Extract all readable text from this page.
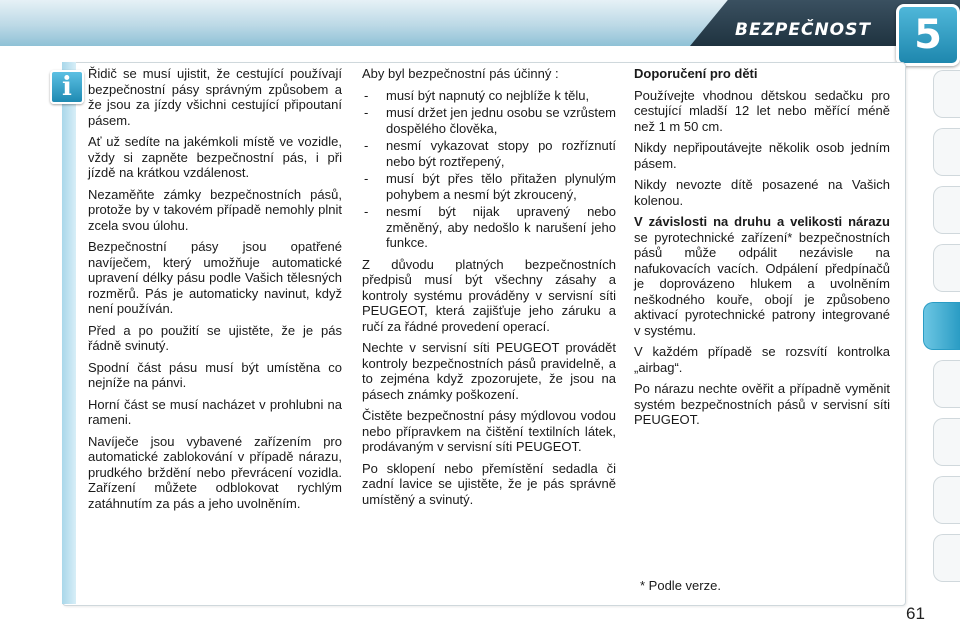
BEZPEČNOST	5
i	Řidič se musí ujistit, že cestující používají bezpečnostní pásy správným způsobem a že jsou za jízdy všichni cestující připoutaní pásem.

Ať už sedíte na jakémkoli místě ve vozidle, vždy si zapněte bezpečnostní pás, i při jízdě na krátkou vzdálenost.

Nezaměňte zámky bezpečnostních pásů, protože by v takovém případě nemohly plnit zcela svou úlohu.

Bezpečnostní pásy jsou opatřené navíječem, který umožňuje automatické upravení délky pásu podle Vašich tělesných rozměrů. Pás je automaticky navinut, když není používán.

Před a po použití se ujistěte, že je pás řádně svinutý.

Spodní část pásu musí být umístěna co nejníže na pánvi.

Horní část se musí nacházet v prohlubni na rameni.

Navíječe jsou vybavené zařízením pro automatické zablokování v případě nárazu, prudkého brždění nebo převrácení vozidla. Zařízení můžete odblokovat rychlým zatáhnutím za pás a jeho uvolněním.

Aby byl bezpečnostní pás účinný :

- musí být napnutý co nejblíže k tělu,
- musí držet jen jednu osobu se vzrůstem dospělého člověka,
- nesmí vykazovat stopy po rozřízn​utí nebo být roztřepený,
- musí být přes tělo přitažen plynulým pohybem a nesmí být zkroucený,
- nesmí být nijak upravený nebo změněný, aby nedošlo k narušení jeho funkce.

Z důvodu platných bezpečnostních předpisů musí být všechny zásahy a kontroly systému prováděny v servisní síti PEUGEOT, která zajišťuje jeho záruku a ručí za řádné provedení operací.

Nechte v servisní síti PEUGEOT provádět kontroly bezpečnostních pásů pravidelně, a to zejména když zpozorujete, že jsou na pásech známky poškození.

Čistěte bezpečnostní pásy mýdlovou vodou nebo přípravkem na čištění textilních látek, prodávaným v servisní síti PEUGEOT.

Po sklopení nebo přemístění sedadla či zadní lavice se ujistěte, že je pás správně umístěný a svinutý.

Doporučení pro děti

Používejte vhodnou dětskou sedačku pro cestující mladší 12 let nebo měřící méně než 1 m 50 cm.

Nikdy nepřipoutávejte několik osob jedním pásem.

Nikdy nevozte dítě posazené na Vašich kolenou.

V závislosti na druhu a velikosti nárazu se pyrotechnické zařízení* bezpečnostních pásů může odpálit nezávisle na nafukovacích vacích. Odpálení předpínačů je doprovázeno hlukem a uvolněním neškodného kouře, obojí je způsobeno aktivací pyrotechnické patrony integrované v systému.

V každém případě se rozsvítí kontrolka „airbag“.

Po nárazu nechte ověřit a případně vyměnit systém bezpečnostních pásů v servisní síti PEUGEOT.

* Podle verze.
61
